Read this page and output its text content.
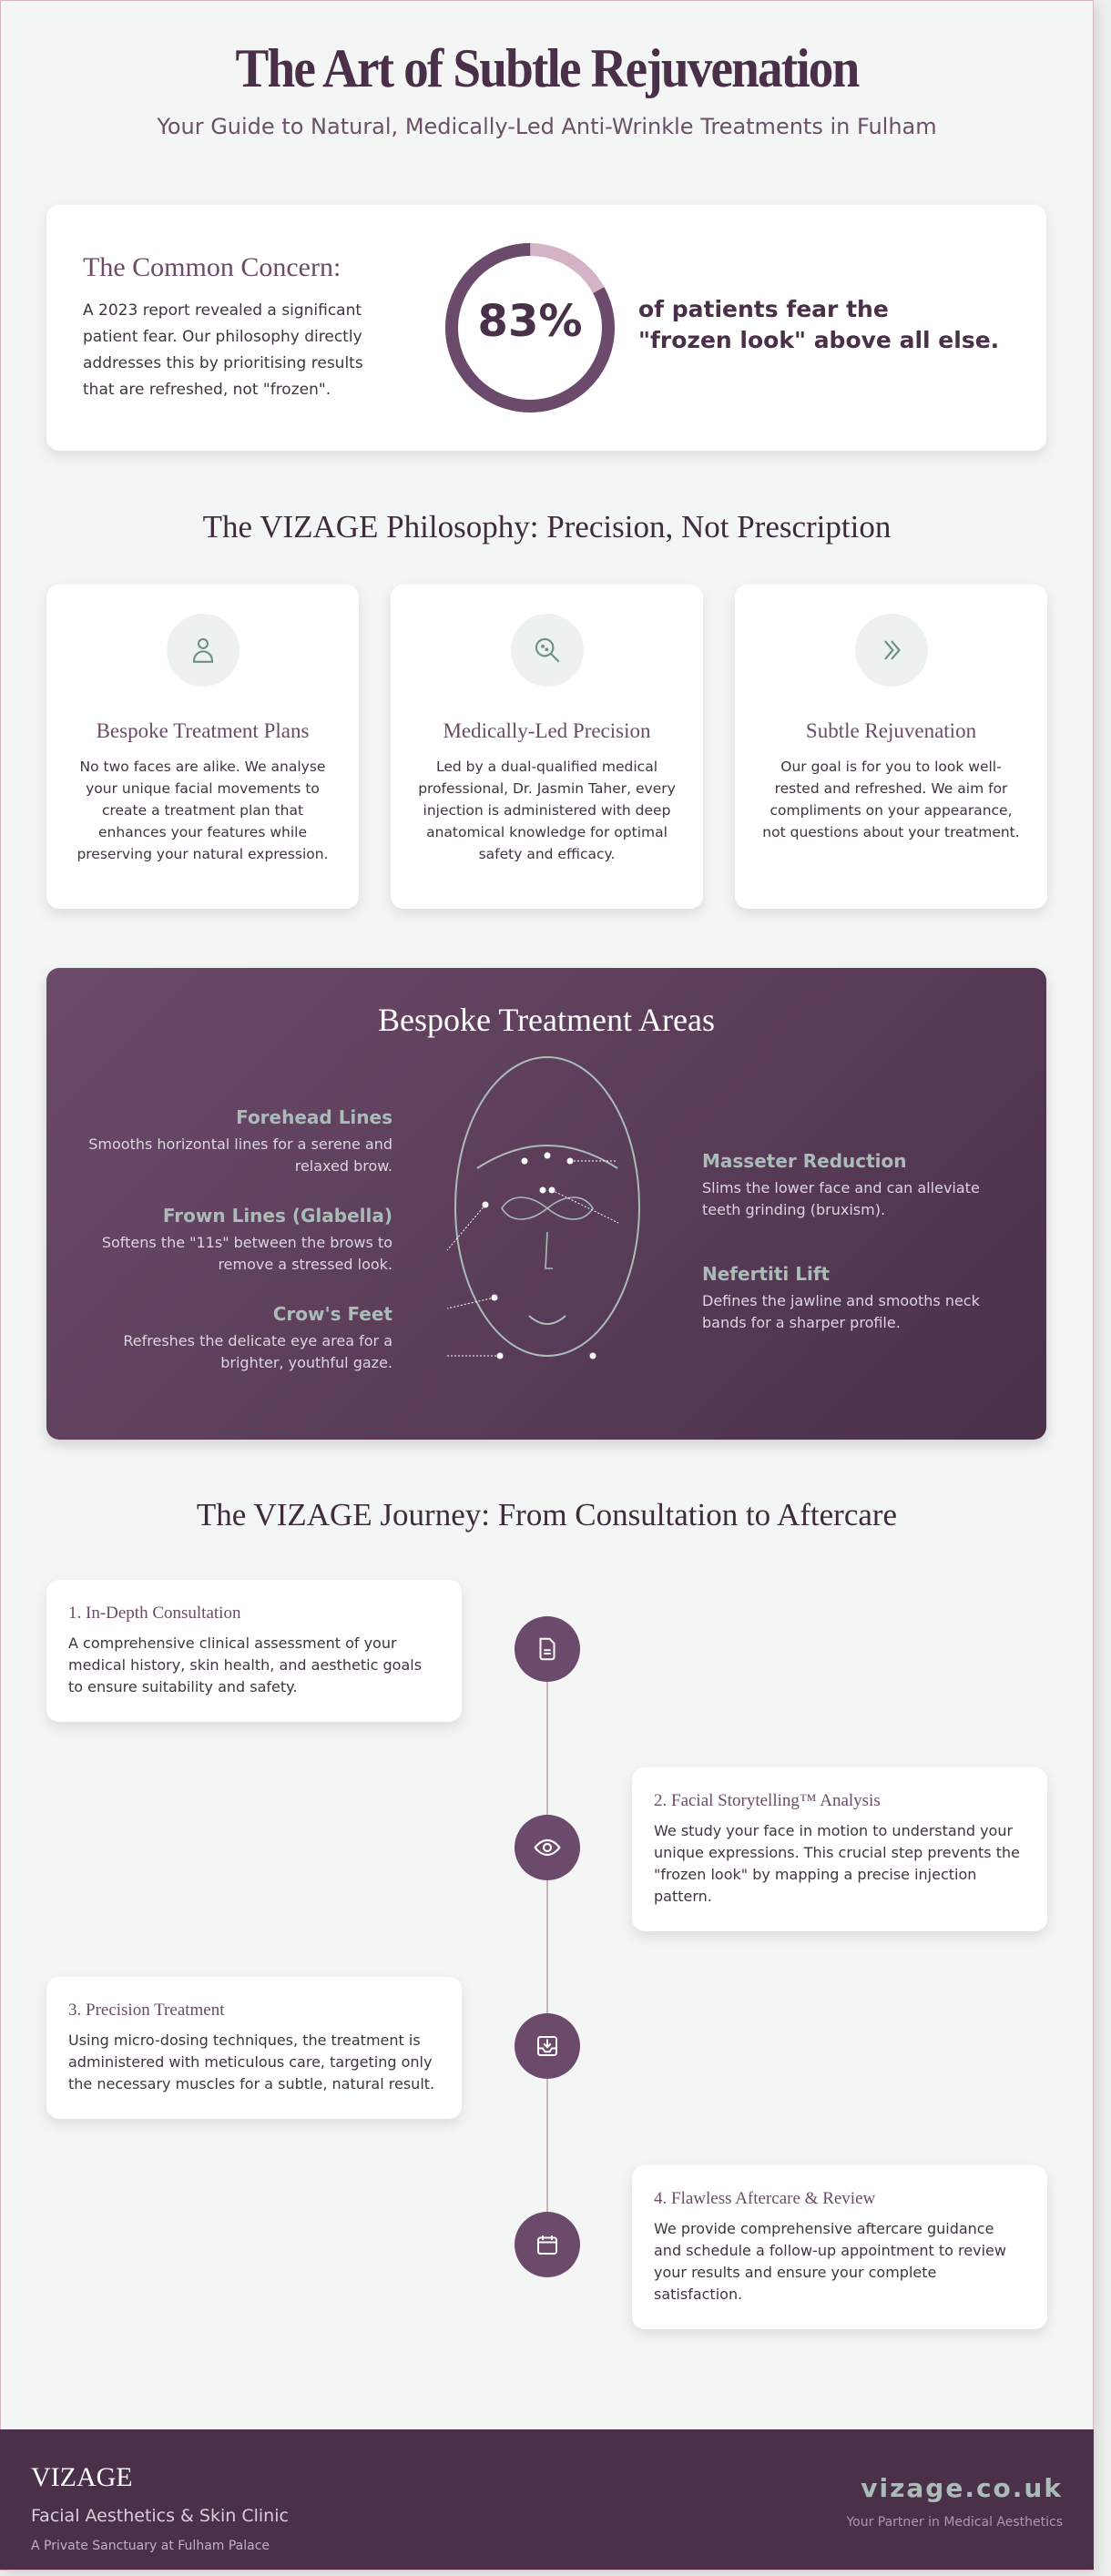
The Art of Subtle Rejuvenation
Your Guide to Natural, Medically-Led Anti-Wrinkle Treatments in Fulham
The Common Concern:

A 2023 report revealed a significant patient fear. Our philosophy directly addresses this by prioritising results that are refreshed, not "frozen".

83%	of patients fear the
"frozen look" above all else.
The VIZAGE Philosophy: Precision, Not Prescription
Bespoke Treatment Plans

No two faces are alike. We analyse your unique facial movements to create a treatment plan that enhances your features while preserving your natural expression.

Medically-Led Precision

Led by a dual-qualified medical professional, Dr. Jasmin Taher, every injection is administered with deep anatomical knowledge for optimal safety and efficacy.

Subtle Rejuvenation

Our goal is for you to look well-rested and refreshed. We aim for compliments on your appearance, not questions about your treatment.

Bespoke Treatment Areas
Forehead Lines
Smooths horizontal lines for a serene and relaxed brow.
Frown Lines (Glabella)
Softens the "11s" between the brows to remove a stressed look.
Crow's Feet
Refreshes the delicate eye area for a brighter, youthful gaze.
Masseter Reduction
Slims the lower face and can alleviate teeth grinding (bruxism).
Nefertiti Lift
Defines the jawline and smooths neck bands for a sharper profile.
The VIZAGE Journey: From Consultation to Aftercare
1. In-Depth Consultation

A comprehensive clinical assessment of your medical history, skin health, and aesthetic goals to ensure suitability and safety.

2. Facial Storytelling™ Analysis

We study your face in motion to understand your unique expressions. This crucial step prevents the "frozen look" by mapping a precise injection pattern.

3. Precision Treatment

Using micro-dosing techniques, the treatment is administered with meticulous care, targeting only the necessary muscles for a subtle, natural result.

4. Flawless Aftercare & Review

We provide comprehensive aftercare guidance and schedule a follow-up appointment to review your results and ensure your complete satisfaction.

VIZAGE
Facial Aesthetics & Skin Clinic
A Private Sanctuary at Fulham Palace
vizage.co.uk
Your Partner in Medical Aesthetics
